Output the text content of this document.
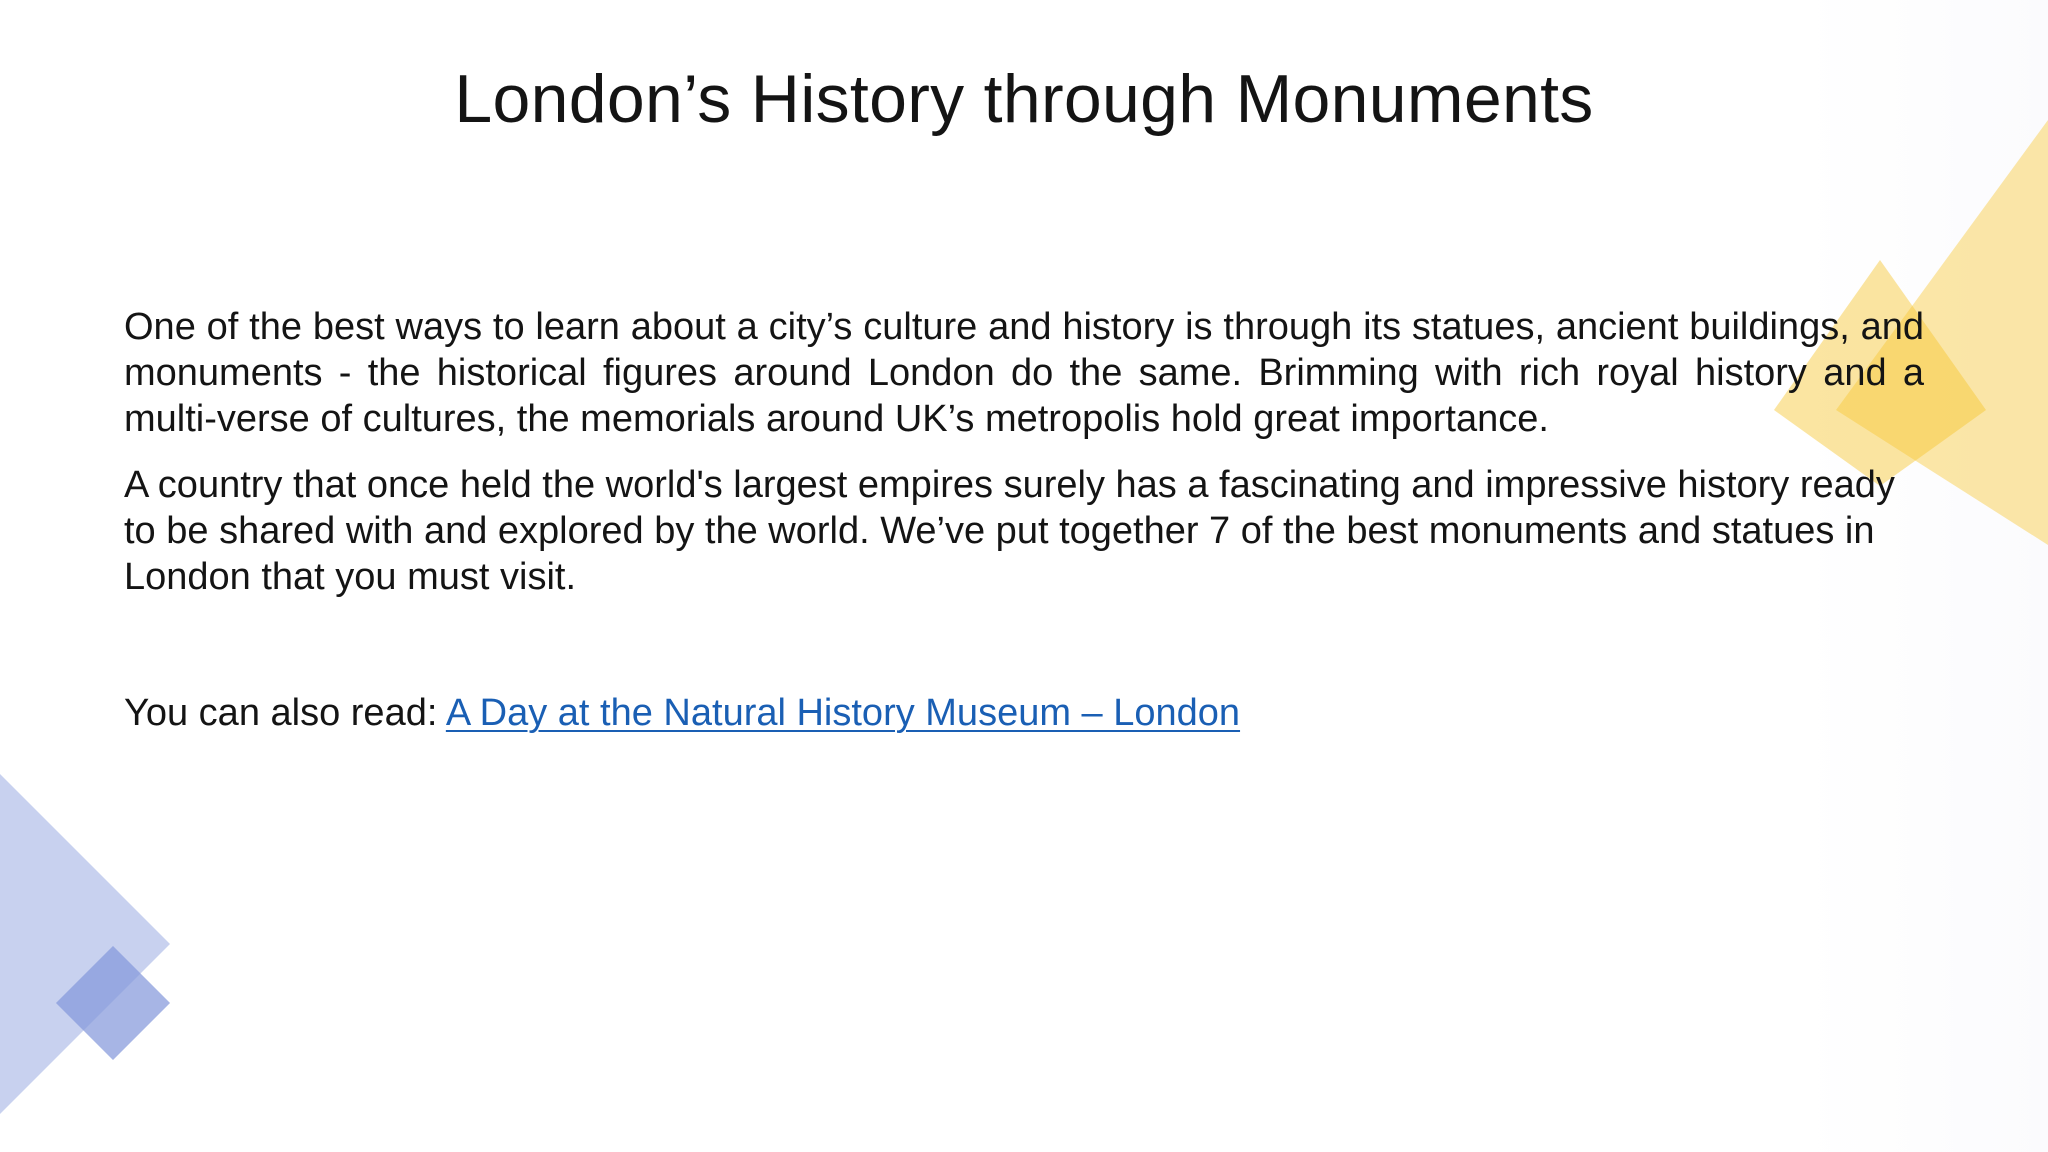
London’s History through Monuments

One of the best ways to learn about a city’s culture and history is through its statues, ancient buildings, and monuments - the historical figures around London do the same. Brimming with rich royal history and a multi-verse of cultures, the memorials around UK’s metropolis hold great importance.

A country that once held the world's largest empires surely has a fascinating and impressive history ready to be shared with and explored by the world. We’ve put together 7 of the best monuments and statues in London that you must visit.

You can also read: A Day at the Natural History Museum – London
